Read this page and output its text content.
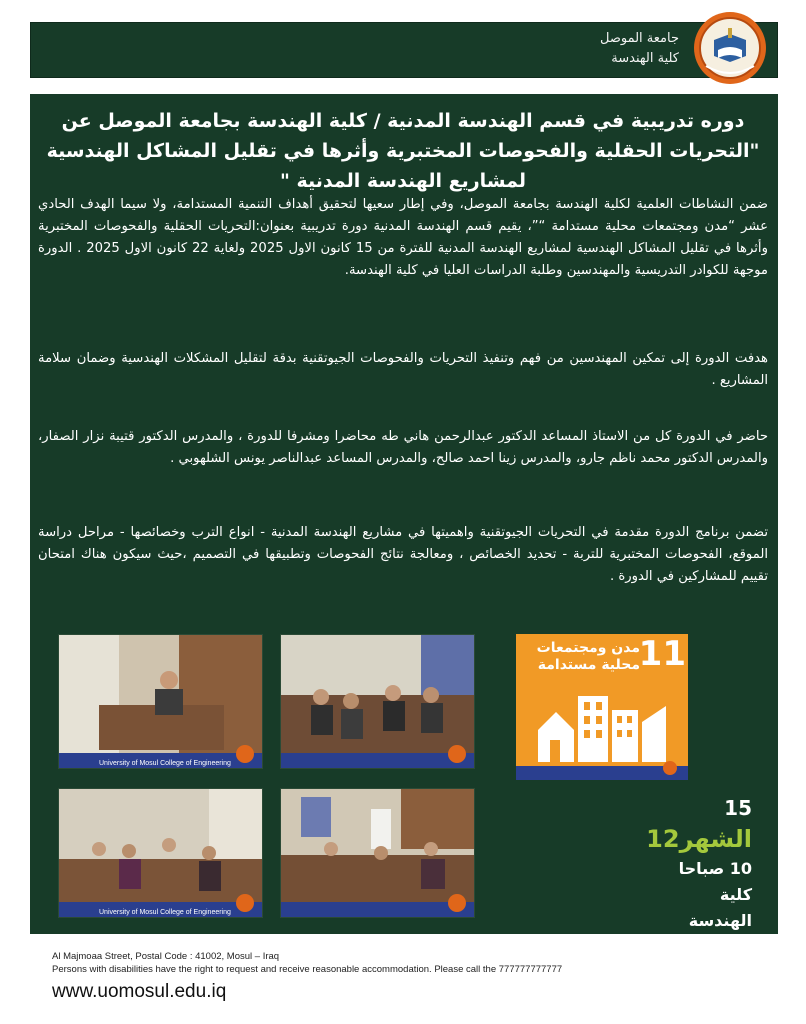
جامعة الموصل
كلية الهندسة
دوره تدريبية في قسم الهندسة المدنية / كلية الهندسة بجامعة الموصل عن "التحريات الحقلية والفحوصات المختبرية وأثرها في تقليل المشاكل الهندسية لمشاريع الهندسة المدنية "

ضمن النشاطات العلمية لكلية الهندسة بجامعة الموصل، وفي إطار سعيها لتحقيق أهداف التنمية المستدامة، ولا سيما الهدف الحادي عشر “مدن ومجتمعات محلية مستدامة “”، يقيم قسم الهندسة المدنية دورة تدريبية بعنوان:التحريات الحقلية والفحوصات المختبرية وأثرها في تقليل المشاكل الهندسية لمشاريع الهندسة المدنية للفترة من 15 كانون الاول 2025 ولغاية 22 كانون الاول 2025 . الدورة موجهة للكوادر التدريسية والمهندسين وطلبة الدراسات العليا في كلية الهندسة.

هدفت الدورة إلى تمكين المهندسين من فهم وتنفيذ التحريات والفحوصات الجيوتقنية بدقة لتقليل المشكلات الهندسية وضمان سلامة المشاريع .

حاضر في الدورة كل من الاستاذ المساعد الدكتور عبدالرحمن هاني طه محاضرا ومشرفا للدورة ، والمدرس الدكتور قتيبة نزار الصفار، والمدرس الدكتور محمد ناظم جارو، والمدرس زينا احمد صالح، والمدرس المساعد عبدالناصر يونس الشلهوبي .

تضمن برنامج الدورة مقدمة في التحريات الجيوتقنية واهميتها في مشاريع الهندسة المدنية - انواع الترب وخصائصها - مراحل دراسة الموقع، الفحوصات المختبرية للتربة - تحديد الخصائص ، ومعالجة نتائج الفحوصات وتطبيقها في التصميم ،حيث سيكون هناك امتحان تقييم للمشاركين في الدورة .

University of Mosul College of Engineering
University of Mosul College of Engineering
11
مدن ومجتمعات محلية مستدامة
15
الشهر12
10 صباحا
كلية الهندسة
Al Majmoaa Street, Postal Code : 41002, Mosul – Iraq
Persons with disabilities have the right to request and receive reasonable accommodation. Please call the 777777777777
www.uomosul.edu.iq
